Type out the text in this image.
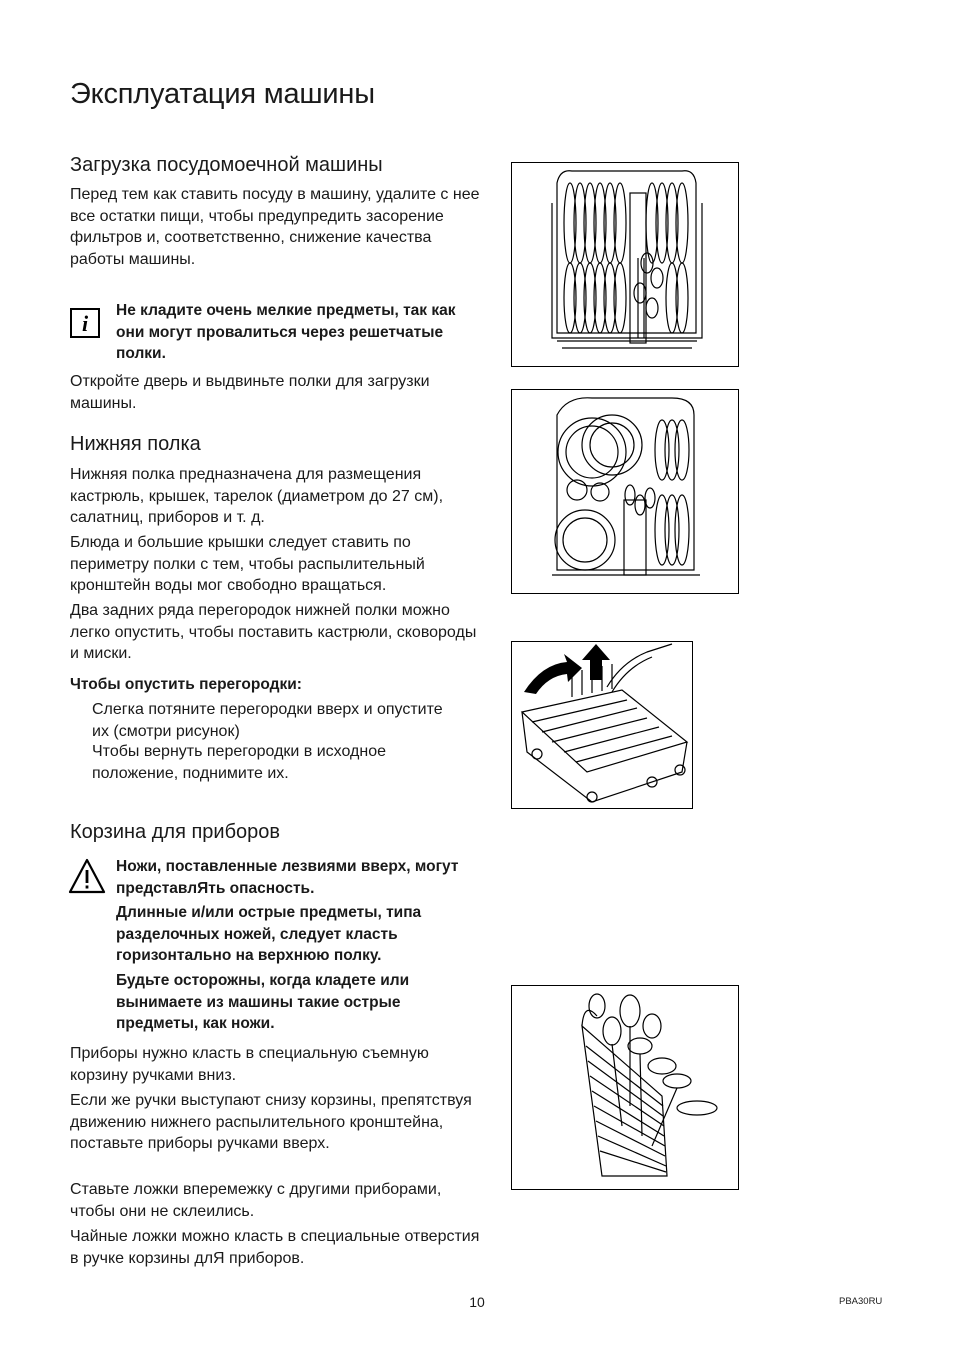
Эксплуатация машины
Загрузка посудомоечной машины

Перед тем как ставить посуду в машину, удалите с нее все остатки пищи, чтобы предупредить засорение фильтров и, соответственно, снижение качества работы машины.

i

Не кладите очень мелкие предметы, так как они могут провалиться через решетчатые полки.

Откройте дверь и выдвиньте полки для загрузки машины.

Нижняя полка

Нижняя полка предназначена для размещения кастрюль, крышек, тарелок (диаметром до 27 см), салатниц, приборов и т. д.

Блюда и большие крышки следует ставить по периметру полки с тем, чтобы распылительный кронштейн воды мог свободно вращаться.

Два задних ряда перегородок нижней полки можно легко опустить, чтобы поставить кастрюли, сковороды и миски.

Чтобы опустить перегородки:

Слегка потяните перегородки вверх и опустите их (смотри рисунок)

Чтобы вернуть перегородки в исходное положение, поднимите их.

Корзина для приборов

Ножи, поставленные лезвиями вверх, могут представлЯть опасность.

Длинные и/или острые предметы, типа разделочных ножей, следует класть горизонтально на верхнюю полку.

Будьте осторожны, когда кладете или вынимаете из машины такие острые предметы, как ножи.

Приборы нужно класть в специальную съемную корзину ручками вниз.

Если же ручки выступают снизу корзины, препятствуя движению нижнего распылительного кронштейна, поставьте приборы ручками вверх.

Ставьте ложки вперемежку с другими приборами, чтобы они не склеились.

Чайные ложки можно класть в специальные отверстия в ручке корзины длЯ приборов.

10	PBA30RU
